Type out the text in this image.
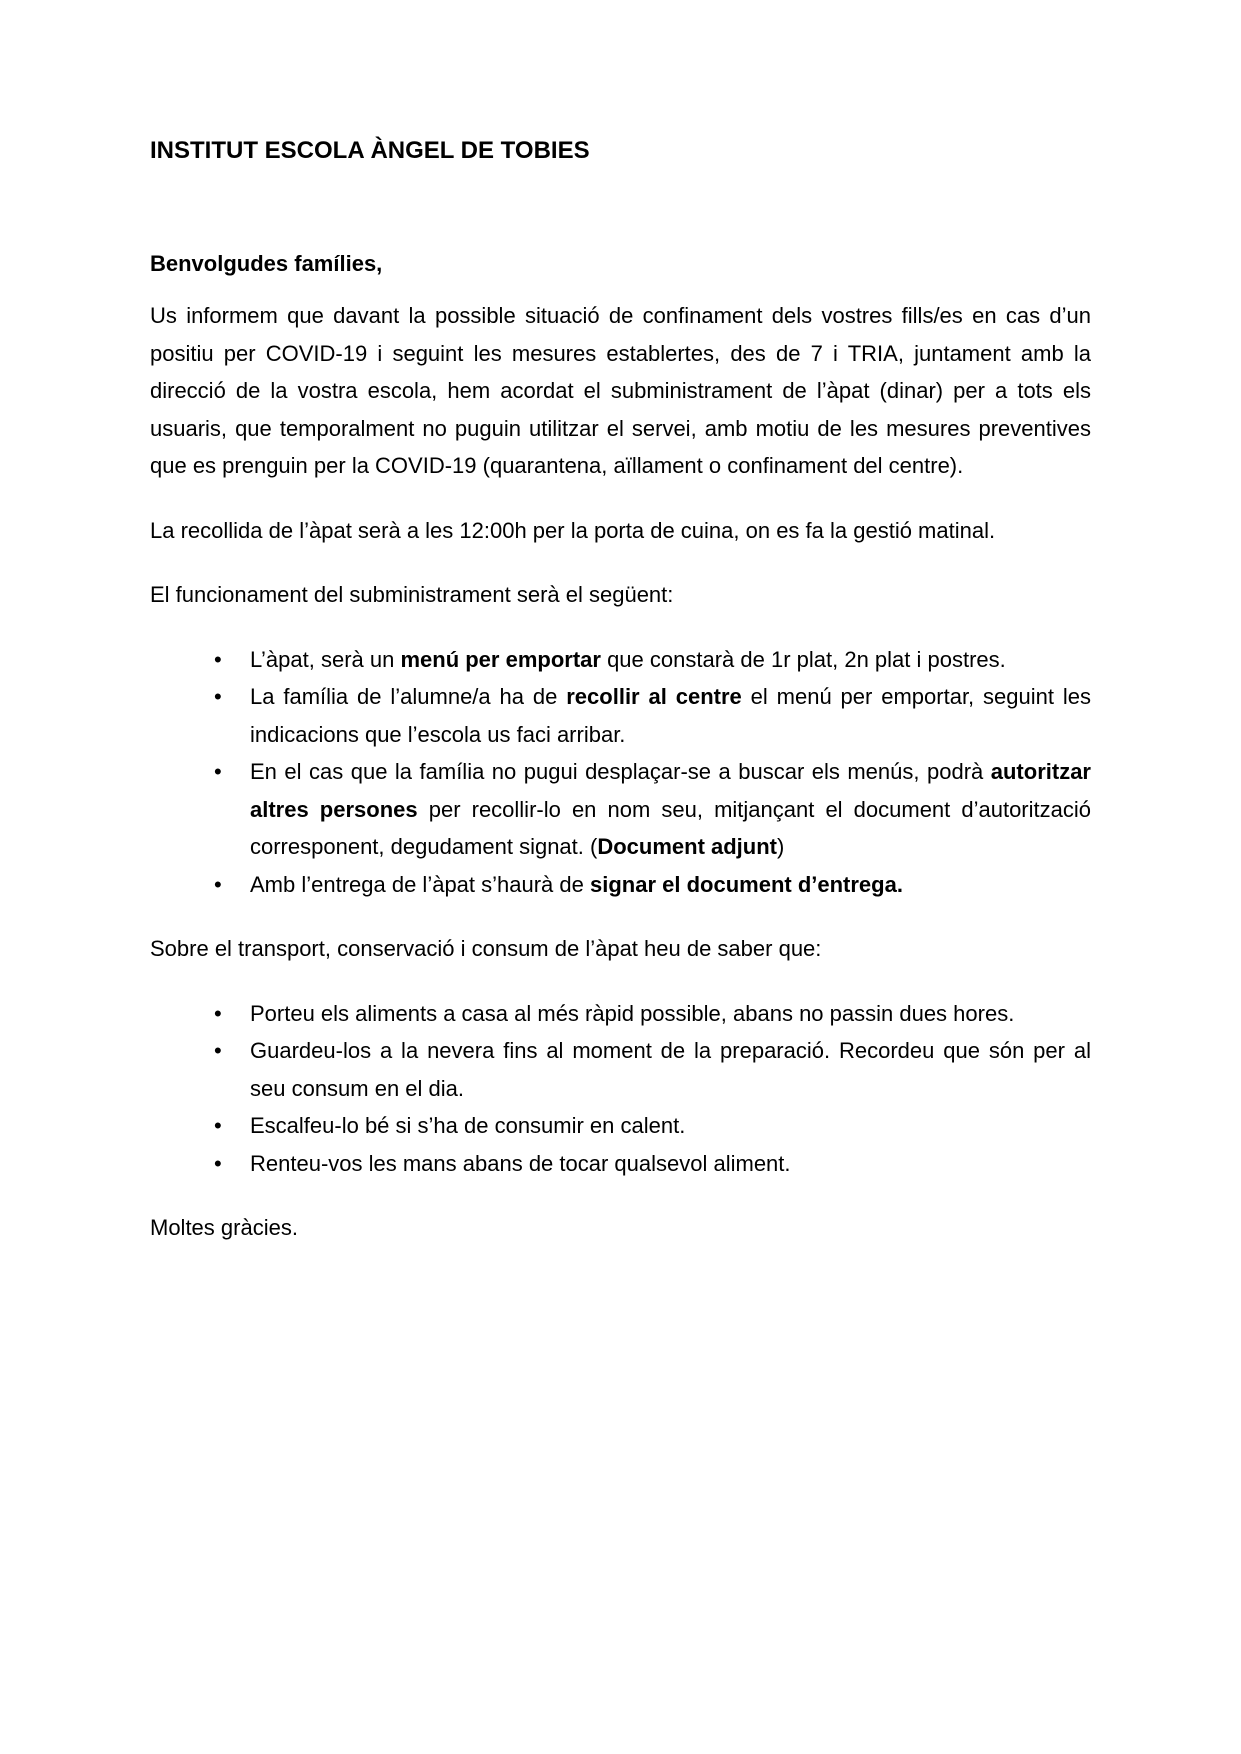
INSTITUT ESCOLA ÀNGEL DE TOBIES

Benvolgudes famílies,

Us informem que davant la possible situació de confinament dels vostres fills/es en cas d’un positiu per COVID-19 i seguint les mesures establertes, des de 7 i TRIA, juntament amb la direcció de la vostra escola, hem acordat el subministrament de l’àpat (dinar) per a tots els usuaris, que temporalment no puguin utilitzar el servei, amb motiu de les mesures preventives que es prenguin per la COVID-19 (quarantena, aïllament o confinament del centre).

La recollida de l’àpat serà a les 12:00h per la porta de cuina, on es fa la gestió matinal.

El funcionament del subministrament serà el següent:

• L’àpat, serà un menú per emportar que constarà de 1r plat, 2n plat i postres.
• La família de l’alumne/a ha de recollir al centre el menú per emportar, seguint les indicacions que l’escola us faci arribar.
• En el cas que la família no pugui desplaçar-se a buscar els menús, podrà autoritzar altres persones per recollir-lo en nom seu, mitjançant el document d’autorització corresponent, degudament signat. (Document adjunt)
• Amb l’entrega de l’àpat s’haurà de signar el document d’entrega.

Sobre el transport, conservació i consum de l’àpat heu de saber que:

• Porteu els aliments a casa al més ràpid possible, abans no passin dues hores.
• Guardeu-los a la nevera fins al moment de la preparació. Recordeu que són per al seu consum en el dia.
• Escalfeu-lo bé si s’ha de consumir en calent.
• Renteu-vos les mans abans de tocar qualsevol aliment.

Moltes gràcies.
